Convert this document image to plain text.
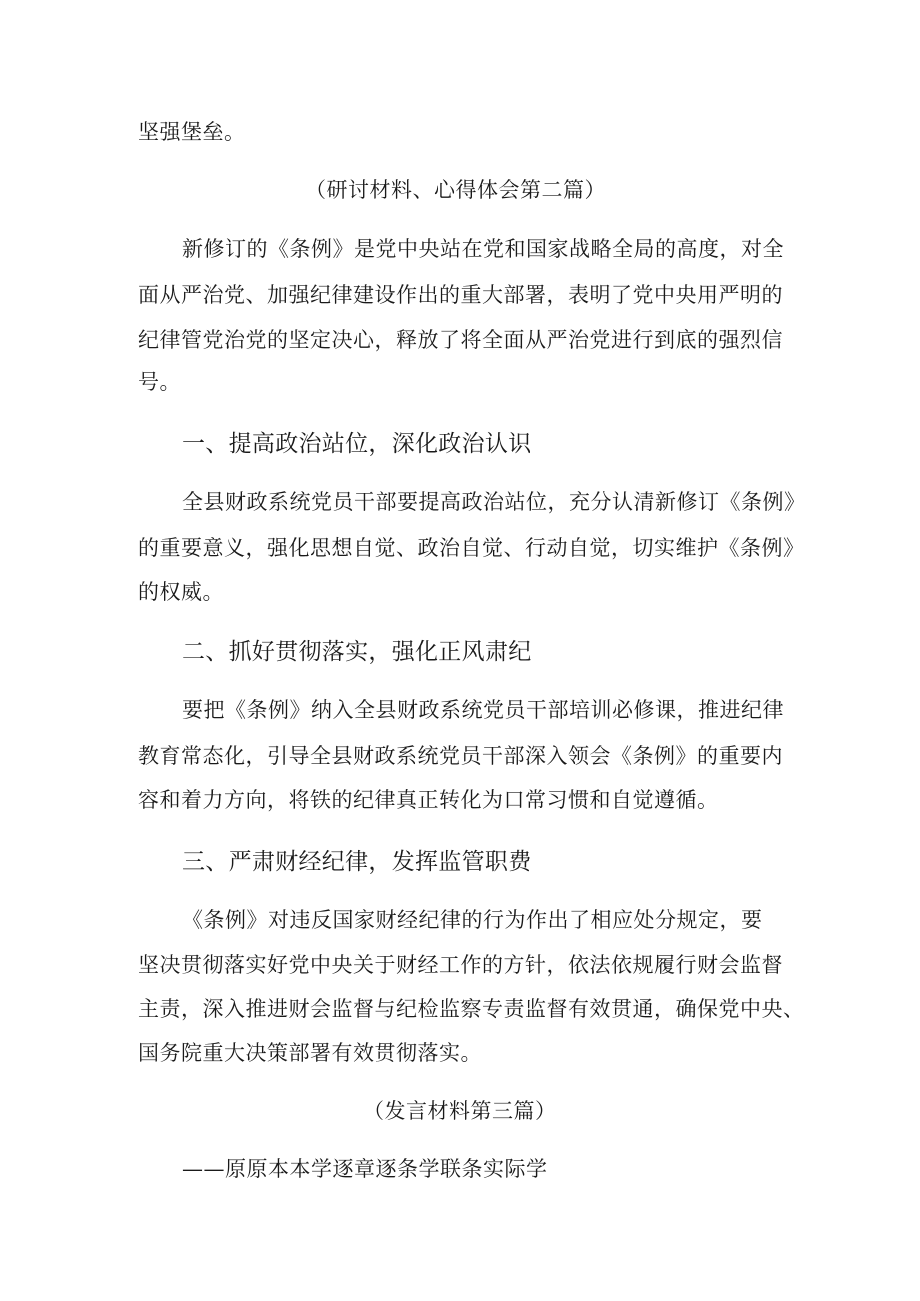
坚强堡垒。
（研讨材料、心得体会第二篇）
新修订的《条例》是党中央站在党和国家战略全局的高度，对全
面从严治党、加强纪律建设作出的重大部署，表明了党中央用严明的
纪律管党治党的坚定决心，释放了将全面从严治党进行到底的强烈信
号。
一、提高政治站位，深化政治认识
全县财政系统党员干部要提高政治站位，充分认清新修订《条例》
的重要意义，强化思想自觉、政治自觉、行动自觉，切实维护《条例》
的权威。
二、抓好贯彻落实，强化正风肃纪
要把《条例》纳入全县财政系统党员干部培训必修课，推进纪律
教育常态化，引导全县财政系统党员干部深入领会《条例》的重要内
容和着力方向，将铁的纪律真正转化为口常习惯和自觉遵循。
三、严肃财经纪律，发挥监管职费
《条例》对违反国家财经纪律的行为作出了相应处分规定，要
坚决贯彻落实好党中央关于财经工作的方针，依法依规履行财会监督
主责，深入推进财会监督与纪检监察专责监督有效贯通，确保党中央、
国务院重大决策部署有效贯彻落实。
（发言材料第三篇）
——原原本本学逐章逐条学联条实际学
